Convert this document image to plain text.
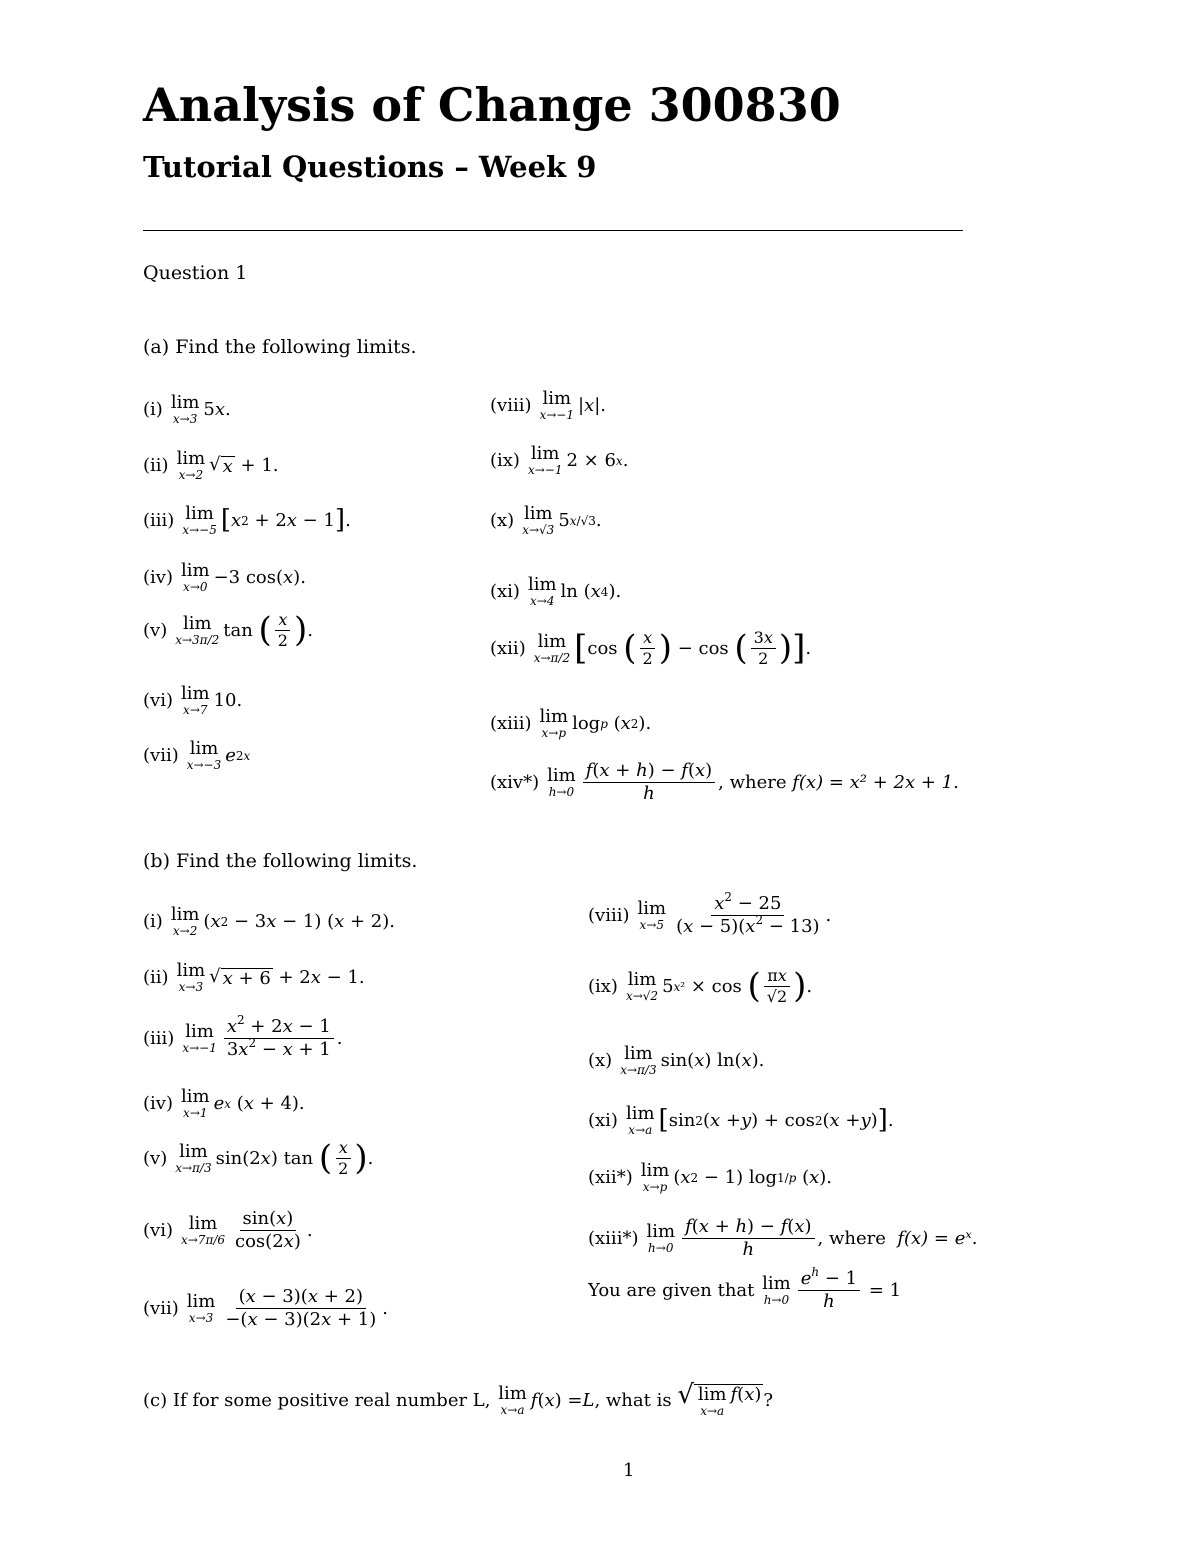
Analysis of Change 300830
Tutorial Questions – Week 9
Question 1
(a) Find the following limits.
(i) lim
x→3 5 x .
(ii) lim
x→2
√ x + 1.
(iii) lim
x→−5 [ x 2 + 2 x − 1 ] .
(iv) lim
x→0 −3 cos( x ).
(v) lim
x→3π/2 tan ( $\frac{x}{2}$ ) .
(vi) lim
x→7 10.
(vii) lim
x→−3 e 2x
(viii) lim
x→−1 | x |.
(ix) lim
x→−1 2 × 6 x .
(x) lim
x→√3 5 x/√3 .
(xi) lim
x→4 ln ( x 4 ).
(xii) lim
x→π/2 [ cos ( $\frac{x}{2}$ ) − cos ( $\frac{3x}{2}$ ) ] .
(xiii) lim
x→p log p ( x 2 ).
(xiv*) lim
$h\to 0 \frac{f(x + h) - f(x)}{h}$ , where
f(x) = x² + 2x + 1.
(b) Find the following limits.
(i) lim
x→2 ( x 2 − 3 x − 1) ( x + 2).
(ii) lim
x→3
√ x + 6 + 2 x − 1.
(iii) lim
$x\to-1 \frac{x^2 + 2x - 1}{3x^2 - x + 1}$ .
(iv) lim
x→1 e x ( x + 4).
(v) lim
x→π/3 sin(2 x ) tan ( $\frac{x}{2}$ ) .
(vi) lim
$x\to 7\pi/6 \frac{\sin(x)}{\cos(2x)}$ .
(vii) lim
$x\to 3 \frac{(x - 3)(x + 2)}{-(x - 3)(2x + 1)}$ .
(viii) lim
$x\to 5 \frac{x^2 - 25}{(x - 5)(x^2 - 13)}$ .
(ix) lim
x→√2 5 x² × cos ( $\frac{\pi x}{√2}$ ) .
(x) lim
x→π/3 sin( x ) ln( x ).
(xi) lim
x→a [ sin 2 ( x + y ) + cos 2 ( x + y ) ] .
(xii*) lim
x→p ( x 2 − 1) log 1/p ( x ).
(xiii*) lim
$h\to 0 \frac{f(x + h) - f(x)}{h}$ , where
f(x) = eˣ.
You are given that
lim
$h\to 0 \frac{e^h - 1}{h} = 1$
(c) If for some positive real number L,
lim
x→a f ( x ) = L , what is
√ lim
x→a
f(x) ?
1
